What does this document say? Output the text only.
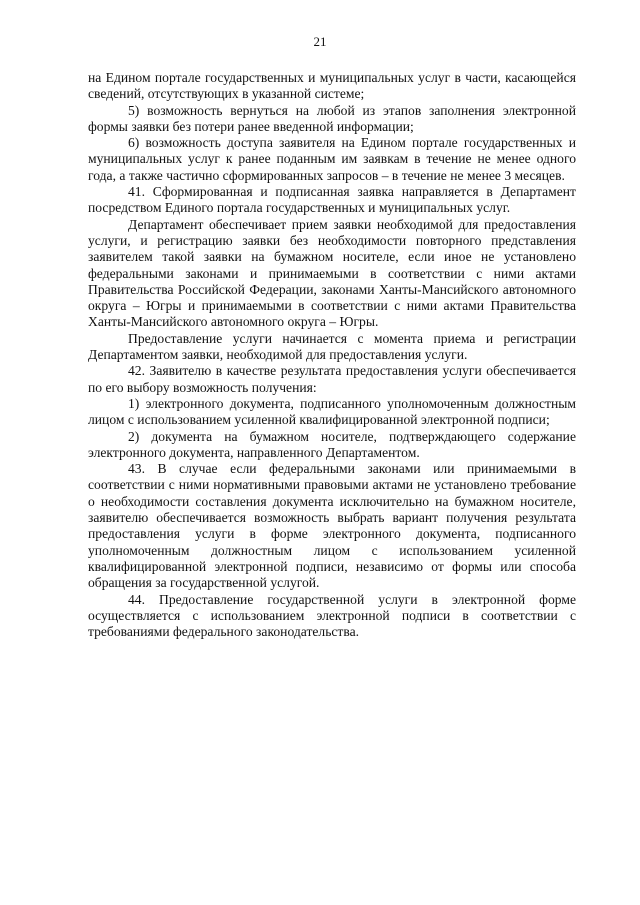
21

на Едином портале государственных и муниципальных услуг в части, касающейся сведений, отсутствующих в указанной системе;

5) возможность вернуться на любой из этапов заполнения электронной формы заявки без потери ранее введенной информации;

6) возможность доступа заявителя на Едином портале государственных и муниципальных услуг к ранее поданным им заявкам в течение не менее одного года, а также частично сформированных запросов – в течение не менее 3 месяцев.

41. Сформированная и подписанная заявка направляется в Департамент посредством Единого портала государственных и муниципальных услуг.

Департамент обеспечивает прием заявки необходимой для предоставления услуги, и регистрацию заявки без необходимости повторного представления заявителем такой заявки на бумажном носителе, если иное не установлено федеральными законами и принимаемыми в соответствии с ними актами Правительства Российской Федерации, законами Ханты-Мансийского автономного округа – Югры и принимаемыми в соответствии с ними актами Правительства Ханты-Мансийского автономного округа – Югры.

Предоставление услуги начинается с момента приема и регистрации Департаментом заявки, необходимой для предоставления услуги.

42. Заявителю в качестве результата предоставления услуги обеспечивается по его выбору возможность получения:

1) электронного документа, подписанного уполномоченным должностным лицом с использованием усиленной квалифицированной электронной подписи;

2) документа на бумажном носителе, подтверждающего содержание электронного документа, направленного Департаментом.

43. В случае если федеральными законами или принимаемыми в соответствии с ними нормативными правовыми актами не установлено требование о необходимости составления документа исключительно на бумажном носителе, заявителю обеспечивается возможность выбрать вариант получения результата предоставления услуги в форме электронного документа, подписанного уполномоченным должностным лицом с использованием усиленной квалифицированной электронной подписи, независимо от формы или способа обращения за государственной услугой.

44. Предоставление государственной услуги в электронной форме осуществляется с использованием электронной подписи в соответствии с требованиями федерального законодательства.
